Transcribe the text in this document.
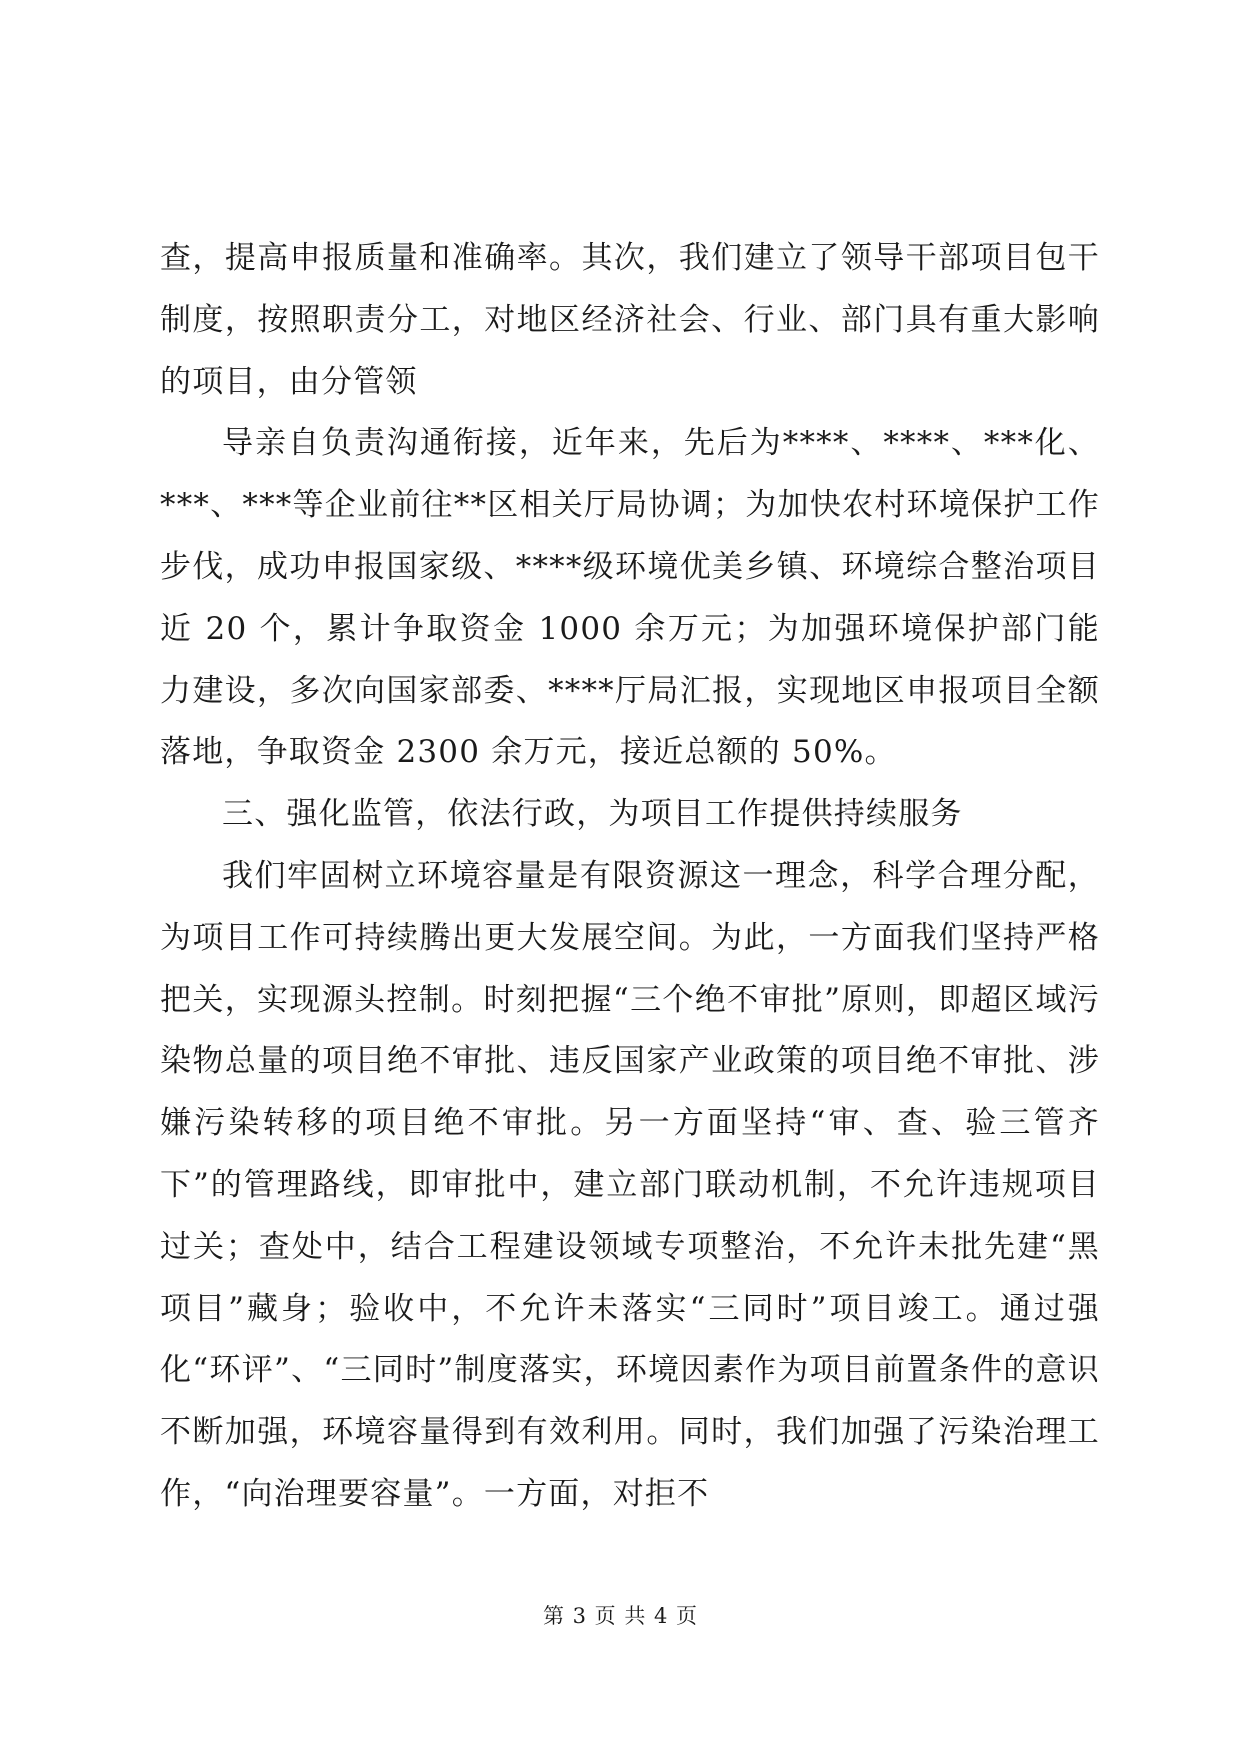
查，提高申报质量和准确率。其次，我们建立了领导干部项目包干制度，按照职责分工，对地区经济社会、行业、部门具有重大影响的项目，由分管领

导亲自负责沟通衔接，近年来，先后为****、****、***化、***、***等企业前往**区相关厅局协调；为加快农村环境保护工作步伐，成功申报国家级、****级环境优美乡镇、环境综合整治项目近 20 个，累计争取资金 1000 余万元；为加强环境保护部门能力建设，多次向国家部委、****厅局汇报，实现地区申报项目全额落地，争取资金 2300 余万元，接近总额的 50%。

三、强化监管，依法行政，为项目工作提供持续服务

我们牢固树立环境容量是有限资源这一理念，科学合理分配，为项目工作可持续腾出更大发展空间。为此，一方面我们坚持严格把关，实现源头控制。时刻把握“三个绝不审批”原则，即超区域污染物总量的项目绝不审批、违反国家产业政策的项目绝不审批、涉嫌污染转移的项目绝不审批。另一方面坚持“审、查、验三管齐下”的管理路线，即审批中，建立部门联动机制，不允许违规项目过关；查处中，结合工程建设领域专项整治，不允许未批先建“黑项目”藏身；验收中，不允许未落实“三同时”项目竣工。通过强化“环评”、“三同时”制度落实，环境因素作为项目前置条件的意识不断加强，环境容量得到有效利用。同时，我们加强了污染治理工作，“向治理要容量”。一方面，对拒不

第 3 页 共 4 页
